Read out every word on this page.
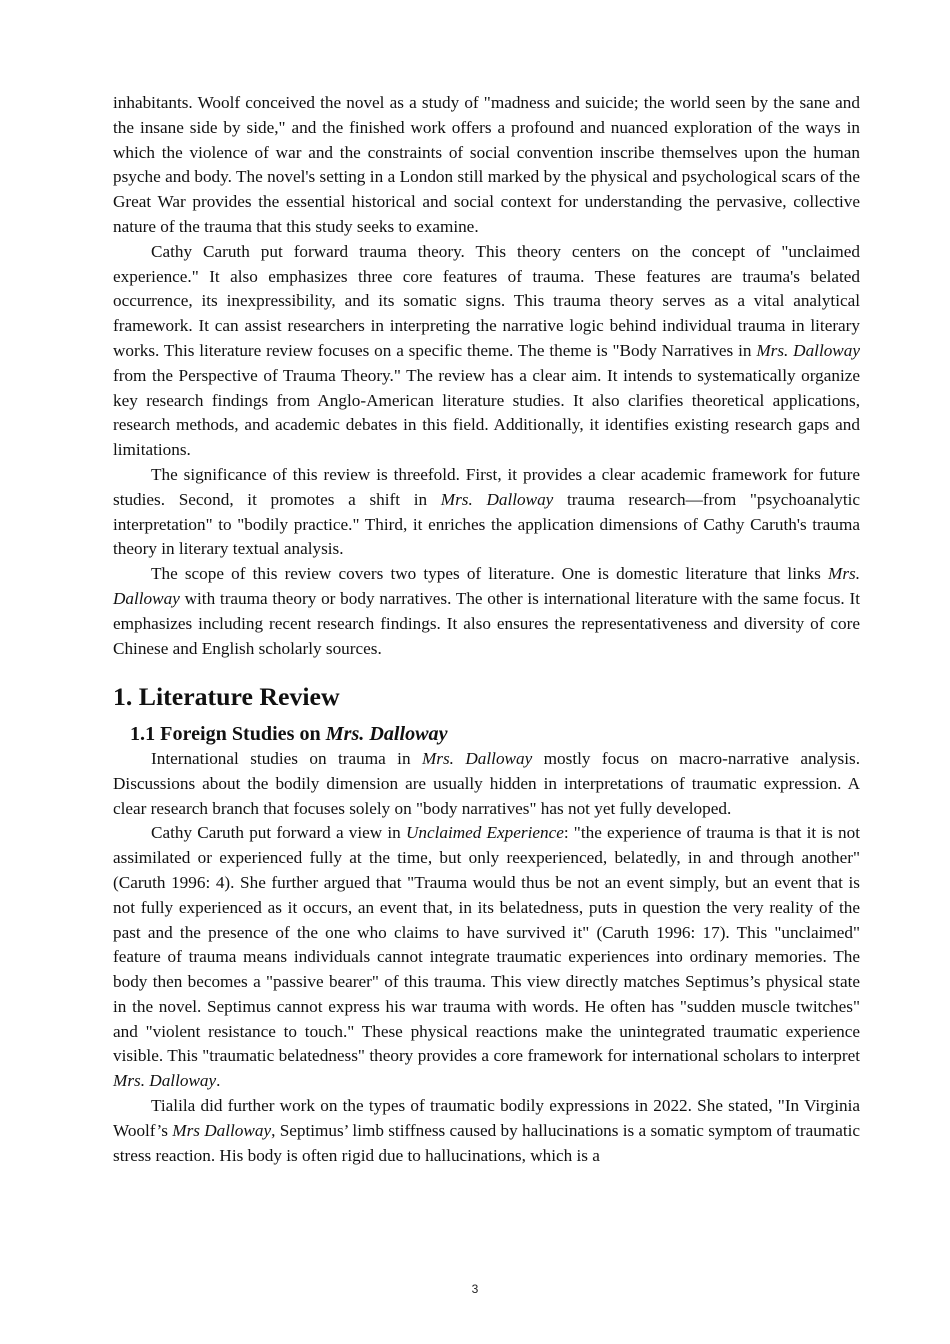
inhabitants. Woolf conceived the novel as a study of "madness and suicide; the world seen by the sane and the insane side by side," and the finished work offers a profound and nuanced exploration of the ways in which the violence of war and the constraints of social convention inscribe themselves upon the human psyche and body. The novel's setting in a London still marked by the physical and psychological scars of the Great War provides the essential historical and social context for understanding the pervasive, collective nature of the trauma that this study seeks to examine.

Cathy Caruth put forward trauma theory. This theory centers on the concept of "unclaimed experience." It also emphasizes three core features of trauma. These features are trauma's belated occurrence, its inexpressibility, and its somatic signs. This trauma theory serves as a vital analytical framework. It can assist researchers in interpreting the narrative logic behind individual trauma in literary works. This literature review focuses on a specific theme. The theme is "Body Narratives in Mrs. Dalloway from the Perspective of Trauma Theory." The review has a clear aim. It intends to systematically organize key research findings from Anglo-American literature studies. It also clarifies theoretical applications, research methods, and academic debates in this field. Additionally, it identifies existing research gaps and limitations.

The significance of this review is threefold. First, it provides a clear academic framework for future studies. Second, it promotes a shift in Mrs. Dalloway trauma research—from "psychoanalytic interpretation" to "bodily practice." Third, it enriches the application dimensions of Cathy Caruth's trauma theory in literary textual analysis.

The scope of this review covers two types of literature. One is domestic literature that links Mrs. Dalloway with trauma theory or body narratives. The other is international literature with the same focus. It emphasizes including recent research findings. It also ensures the representativeness and diversity of core Chinese and English scholarly sources.

1. Literature Review
1.1 Foreign Studies on Mrs. Dalloway

International studies on trauma in Mrs. Dalloway mostly focus on macro-narrative analysis. Discussions about the bodily dimension are usually hidden in interpretations of traumatic expression. A clear research branch that focuses solely on "body narratives" has not yet fully developed.

Cathy Caruth put forward a view in Unclaimed Experience: "the experience of trauma is that it is not assimilated or experienced fully at the time, but only reexperienced, belatedly, in and through another" (Caruth 1996: 4). She further argued that "Trauma would thus be not an event simply, but an event that is not fully experienced as it occurs, an event that, in its belatedness, puts in question the very reality of the past and the presence of the one who claims to have survived it" (Caruth 1996: 17). This "unclaimed" feature of trauma means individuals cannot integrate traumatic experiences into ordinary memories. The body then becomes a "passive bearer" of this trauma. This view directly matches Septimus’s physical state in the novel. Septimus cannot express his war trauma with words. He often has "sudden muscle twitches" and "violent resistance to touch." These physical reactions make the unintegrated traumatic experience visible. This "traumatic belatedness" theory provides a core framework for international scholars to interpret Mrs. Dalloway.

Tialila did further work on the types of traumatic bodily expressions in 2022. She stated, "In Virginia Woolf’s Mrs Dalloway, Septimus’ limb stiffness caused by hallucinations is a somatic symptom of traumatic stress reaction. His body is often rigid due to hallucinations, which is a

3
